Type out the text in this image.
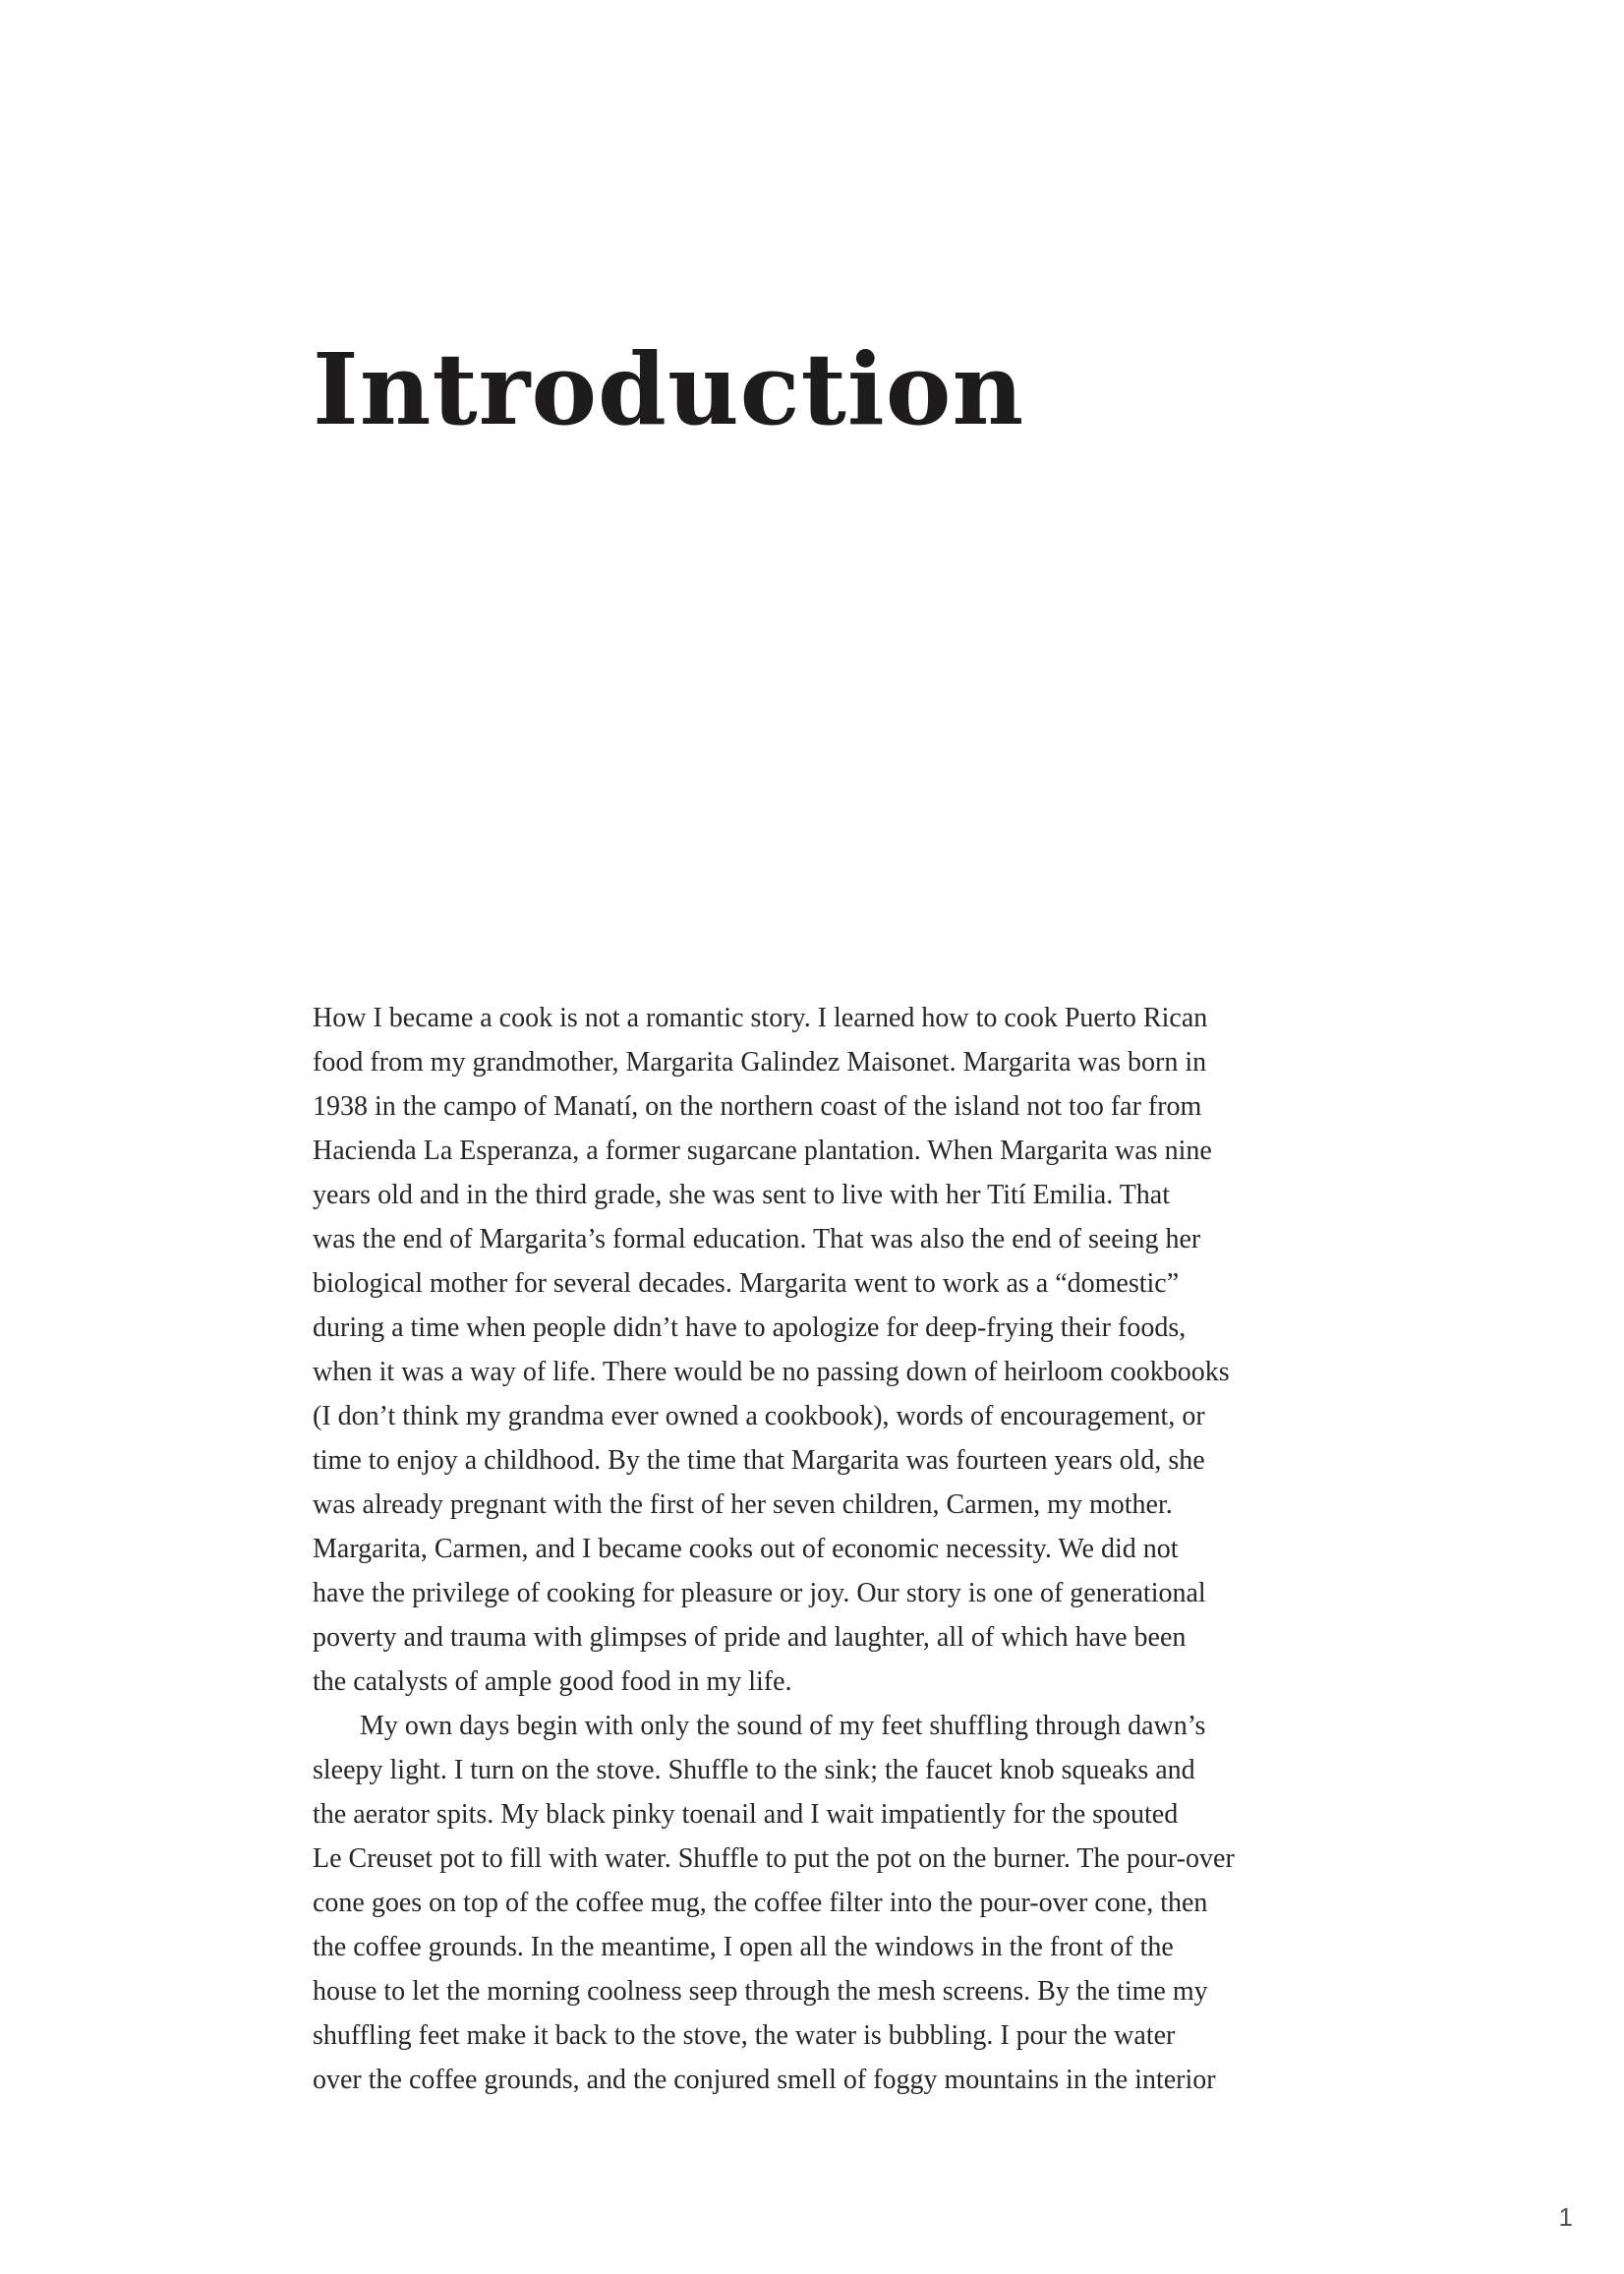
Introduction
How I became a cook is not a romantic story. I learned how to cook Puerto Rican
food from my grandmother, Margarita Galindez Maisonet. Margarita was born in
1938 in the campo of Manatí, on the northern coast of the island not too far from
Hacienda La Esperanza, a former sugarcane plantation. When Margarita was nine
years old and in the third grade, she was sent to live with her Tití Emilia. That
was the end of Margarita’s formal education. That was also the end of seeing her
biological mother for several decades. Margarita went to work as a “domestic”
during a time when people didn’t have to apologize for deep-frying their foods,
when it was a way of life. There would be no passing down of heirloom cookbooks
(I don’t think my grandma ever owned a cookbook), words of encouragement, or
time to enjoy a childhood. By the time that Margarita was fourteen years old, she
was already pregnant with the first of her seven children, Carmen, my mother.
Margarita, Carmen, and I became cooks out of economic necessity. We did not
have the privilege of cooking for pleasure or joy. Our story is one of generational
poverty and trauma with glimpses of pride and laughter, all of which have been
the catalysts of ample good food in my life.
My own days begin with only the sound of my feet shuffling through dawn’s
sleepy light. I turn on the stove. Shuffle to the sink; the faucet knob squeaks and
the aerator spits. My black pinky toenail and I wait impatiently for the spouted
Le Creuset pot to fill with water. Shuffle to put the pot on the burner. The pour-over
cone goes on top of the coffee mug, the coffee filter into the pour-over cone, then
the coffee grounds. In the meantime, I open all the windows in the front of the
house to let the morning coolness seep through the mesh screens. By the time my
shuffling feet make it back to the stove, the water is bubbling. I pour the water
over the coffee grounds, and the conjured smell of foggy mountains in the interior
1
